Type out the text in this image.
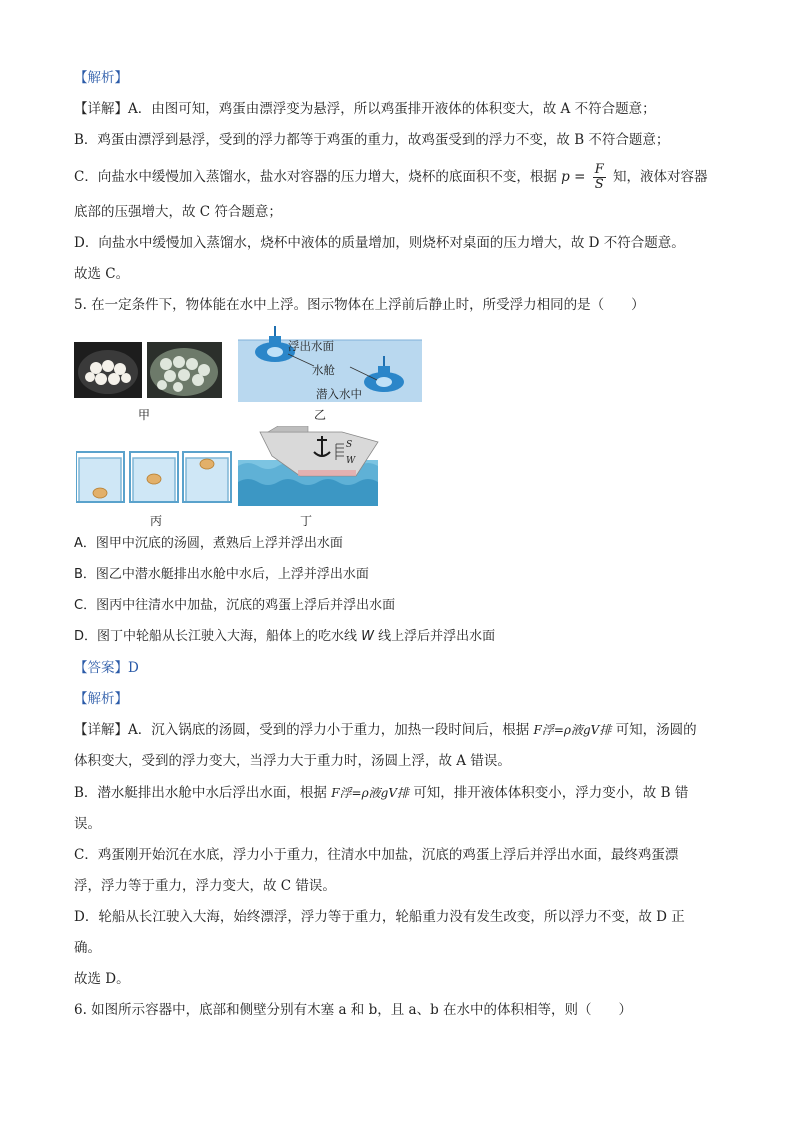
【解析】
【详解】A．由图可知，鸡蛋由漂浮变为悬浮，所以鸡蛋排开液体的体积变大，故 A 不符合题意；
B．鸡蛋由漂浮到悬浮，受到的浮力都等于鸡蛋的重力，故鸡蛋受到的浮力不变，故 B 不符合题意；
C．向盐水中缓慢加入蒸馏水，盐水对容器的压力增大，烧杯的底面积不变，根据 $p = \frac{F}{S}$ 知，液体对容器
底部的压强增大，故 C 符合题意；
D．向盐水中缓慢加入蒸馏水，烧杯中液体的质量增加，则烧杯对桌面的压力增大，故 D 不符合题意。
故选 C。
5. 在一定条件下，物体能在水中上浮。图示物体在上浮前后静止时，所受浮力相同的是（　　）
甲
浮出水面
水舱
潜入水中
乙
丙
S
W
丁
A．图甲中沉底的汤圆，煮熟后上浮并浮出水面
B．图乙中潜水艇排出水舱中水后，上浮并浮出水面
C．图丙中往清水中加盐，沉底的鸡蛋上浮后并浮出水面
D．图丁中轮船从长江驶入大海，船体上的吃水线 W 线上浮后并浮出水面
【答案】D
【解析】
【详解】A．沉入锅底的汤圆，受到的浮力小于重力，加热一段时间后，根据 F浮=ρ液gV排 可知，汤圆的
体积变大，受到的浮力变大，当浮力大于重力时，汤圆上浮，故 A 错误。
B．潜水艇排出水舱中水后浮出水面，根据 F浮=ρ液gV排 可知，排开液体体积变小，浮力变小，故 B 错
误。
C．鸡蛋刚开始沉在水底，浮力小于重力，往清水中加盐，沉底的鸡蛋上浮后并浮出水面，最终鸡蛋漂
浮，浮力等于重力，浮力变大，故 C 错误。
D．轮船从长江驶入大海，始终漂浮，浮力等于重力，轮船重力没有发生改变，所以浮力不变，故 D 正
确。
故选 D。
6. 如图所示容器中，底部和侧壁分别有木塞 a 和 b，且 a、b 在水中的体积相等，则（　　）
